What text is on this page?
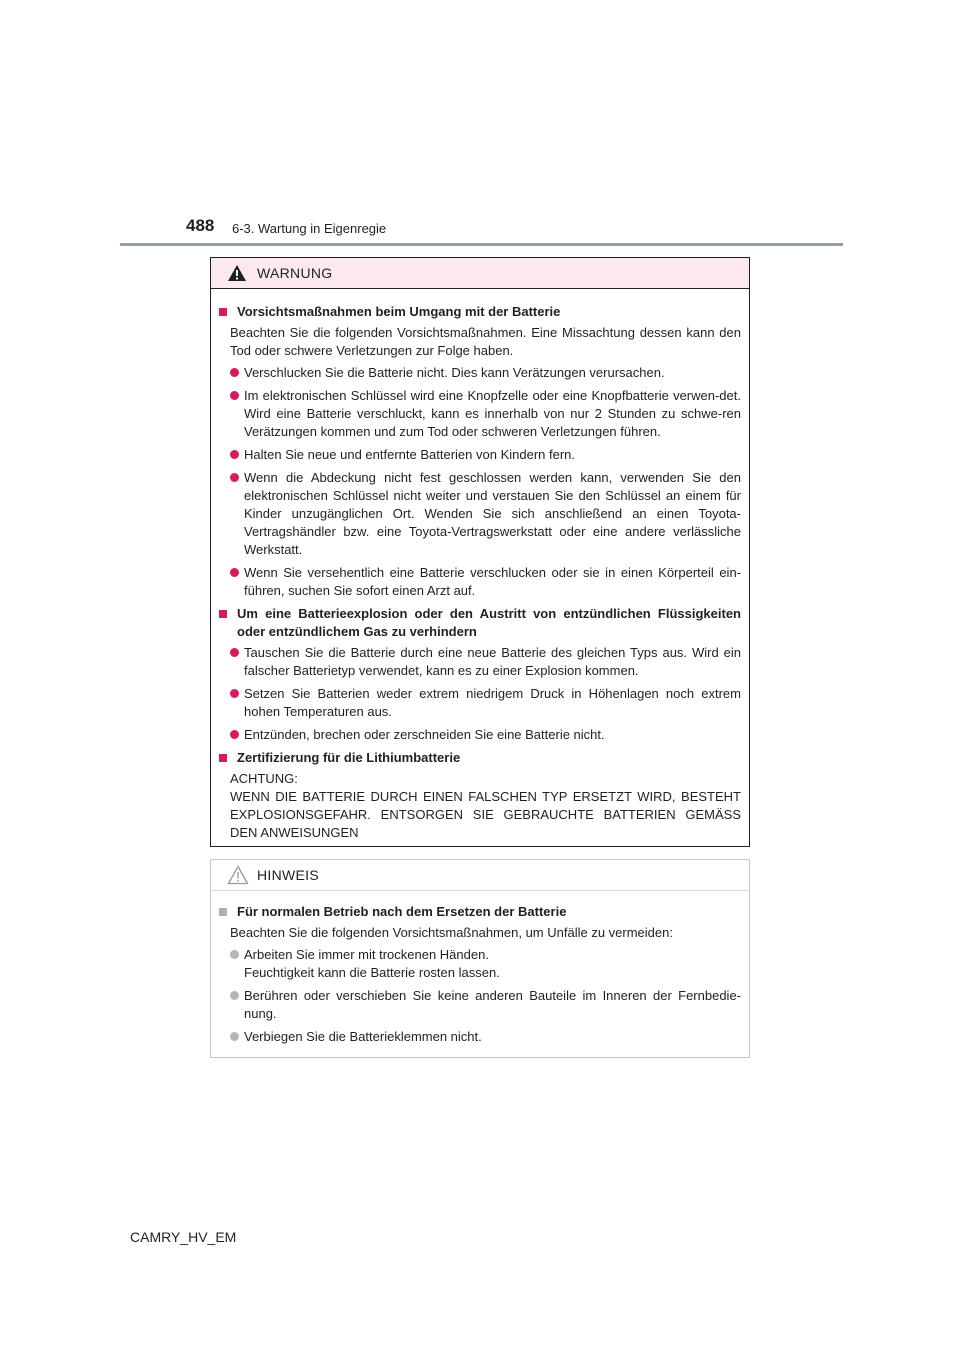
488 6-3. Wartung in Eigenregie
WARNUNG
Vorsichtsmaßnahmen beim Umgang mit der Batterie
Beachten Sie die folgenden Vorsichtsmaßnahmen. Eine Missachtung dessen kann den Tod oder schwere Verletzungen zur Folge haben.
Verschlucken Sie die Batterie nicht. Dies kann Verätzungen verursachen.
Im elektronischen Schlüssel wird eine Knopfzelle oder eine Knopfbatterie verwen-det. Wird eine Batterie verschluckt, kann es innerhalb von nur 2 Stunden zu schwe-ren Verätzungen kommen und zum Tod oder schweren Verletzungen führen.
Halten Sie neue und entfernte Batterien von Kindern fern.
Wenn die Abdeckung nicht fest geschlossen werden kann, verwenden Sie den elektronischen Schlüssel nicht weiter und verstauen Sie den Schlüssel an einem für Kinder unzugänglichen Ort. Wenden Sie sich anschließend an einen Toyota-Vertragshändler bzw. eine Toyota-Vertragswerkstatt oder eine andere verlässliche Werkstatt.
Wenn Sie versehentlich eine Batterie verschlucken oder sie in einen Körperteil ein-führen, suchen Sie sofort einen Arzt auf.
Um eine Batterieexplosion oder den Austritt von entzündlichen Flüssigkeiten oder entzündlichem Gas zu verhindern
Tauschen Sie die Batterie durch eine neue Batterie des gleichen Typs aus. Wird ein falscher Batterietyp verwendet, kann es zu einer Explosion kommen.
Setzen Sie Batterien weder extrem niedrigem Druck in Höhenlagen noch extrem hohen Temperaturen aus.
Entzünden, brechen oder zerschneiden Sie eine Batterie nicht.
Zertifizierung für die Lithiumbatterie
ACHTUNG:
WENN DIE BATTERIE DURCH EINEN FALSCHEN TYP ERSETZT WIRD, BESTEHT EXPLOSIONSGEFAHR. ENTSORGEN SIE GEBRAUCHTE BATTERIEN GEMÄSS DEN ANWEISUNGEN
HINWEIS
Für normalen Betrieb nach dem Ersetzen der Batterie
Beachten Sie die folgenden Vorsichtsmaßnahmen, um Unfälle zu vermeiden:
Arbeiten Sie immer mit trockenen Händen.
Feuchtigkeit kann die Batterie rosten lassen.
Berühren oder verschieben Sie keine anderen Bauteile im Inneren der Fernbedie-nung.
Verbiegen Sie die Batterieklemmen nicht.
CAMRY_HV_EM
